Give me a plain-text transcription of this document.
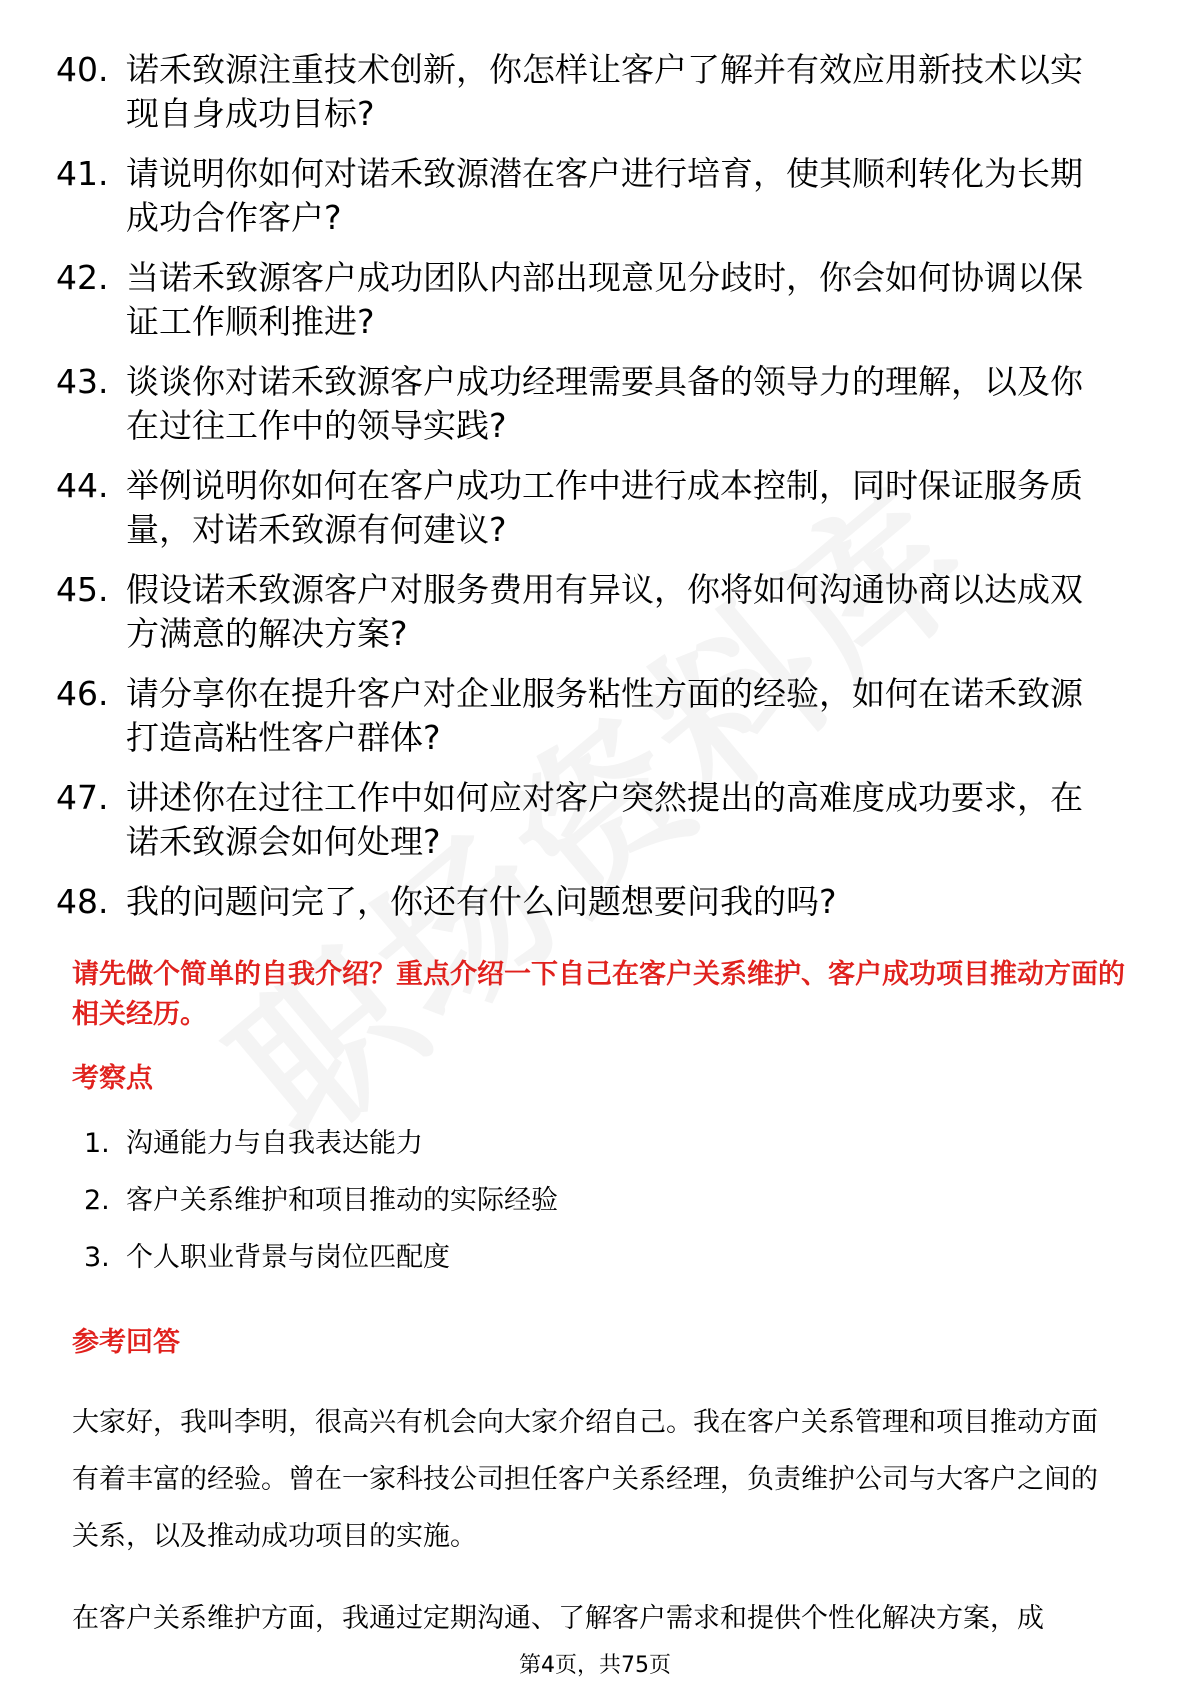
40. 诺禾致源注重技术创新，你怎样让客户了解并有效应用新技术以实现自身成功目标?
41. 请说明你如何对诺禾致源潜在客户进行培育，使其顺利转化为长期成功合作客户?
42. 当诺禾致源客户成功团队内部出现意见分歧时，你会如何协调以保证工作顺利推进?
43. 谈谈你对诺禾致源客户成功经理需要具备的领导力的理解，以及你在过往工作中的领导实践?
44. 举例说明你如何在客户成功工作中进行成本控制，同时保证服务质量，对诺禾致源有何建议?
45. 假设诺禾致源客户对服务费用有异议，你将如何沟通协商以达成双方满意的解决方案?
46. 请分享你在提升客户对企业服务粘性方面的经验，如何在诺禾致源打造高粘性客户群体?
47. 讲述你在过往工作中如何应对客户突然提出的高难度成功要求，在诺禾致源会如何处理?
48. 我的问题问完了，你还有什么问题想要问我的吗?
请先做个简单的自我介绍？重点介绍一下自己在客户关系维护、客户成功项目推动方面的相关经历。
考察点
1. 沟通能力与自我表达能力
2. 客户关系维护和项目推动的实际经验
3. 个人职业背景与岗位匹配度
参考回答
大家好，我叫李明，很高兴有机会向大家介绍自己。我在客户关系管理和项目推动方面有着丰富的经验。曾在一家科技公司担任客户关系经理，负责维护公司与大客户之间的关系，以及推动成功项目的实施。
在客户关系维护方面，我通过定期沟通、了解客户需求和提供个性化解决方案，成
第4页，共75页
